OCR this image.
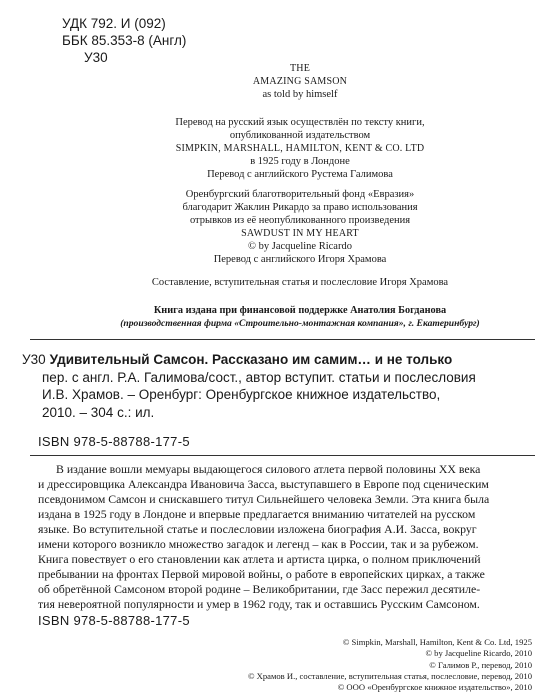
УДК 792. И (092)
ББК 85.353-8 (Англ)
У30
THE
AMAZING SAMSON
as told by himself
Перевод на русский язык осуществлён по тексту книги,
опубликованной издательством
SIMPKIN, MARSHALL, HAMILTON, KENT & CO. LTD
в 1925 году в Лондоне
Перевод с английского Рустема Галимова
Оренбургский благотворительный фонд «Евразия»
благодарит Жаклин Рикардо за право использования
отрывков из её неопубликованного произведения
SAWDUST IN MY HEART
© by Jacqueline Ricardo
Перевод с английского Игоря Храмова
Составление, вступительная статья и послесловие Игоря Храмова
Книга издана при финансовой поддержке Анатолия Богданова
(производственная фирма «Строительно-монтажная компания», г. Екатеринбург)
У30 Удивительный Самсон. Рассказано им самим… и не только
пер. с англ. Р.А. Галимова/сост., автор вступит. статьи и послесловия
И.В. Храмов. – Оренбург: Оренбургское книжное издательство,
2010. – 304 с.: ил.
ISBN 978-5-88788-177-5
В издание вошли мемуары выдающегося силового атлета первой половины XX века
и дрессировщика Александра Ивановича Засса, выступавшего в Европе под сценическим
псевдонимом Самсон и снискавшего титул Сильнейшего человека Земли. Эта книга была
издана в 1925 году в Лондоне и впервые предлагается вниманию читателей на русском
языке. Во вступительной статье и послесловии изложена биография А.И. Засса, вокруг
имени которого возникло множество загадок и легенд – как в России, так и за рубежом.
Книга повествует о его становлении как атлета и артиста цирка, о полном приключений
пребывании на фронтах Первой мировой войны, о работе в европейских цирках, а также
об обретённой Самсоном второй родине – Великобритании, где Засс пережил десятиле-
тия невероятной популярности и умер в 1962 году, так и оставшись Русским Самсоном.
ISBN 978-5-88788-177-5
© Simpkin, Marshall, Hamilton, Kent & Co. Ltd, 1925
© by Jacqueline Ricardo, 2010
© Галимов Р., перевод, 2010
© Храмов И., составление, вступительная статья, послесловие, перевод, 2010
© ООО «Оренбургское книжное издательство», 2010
